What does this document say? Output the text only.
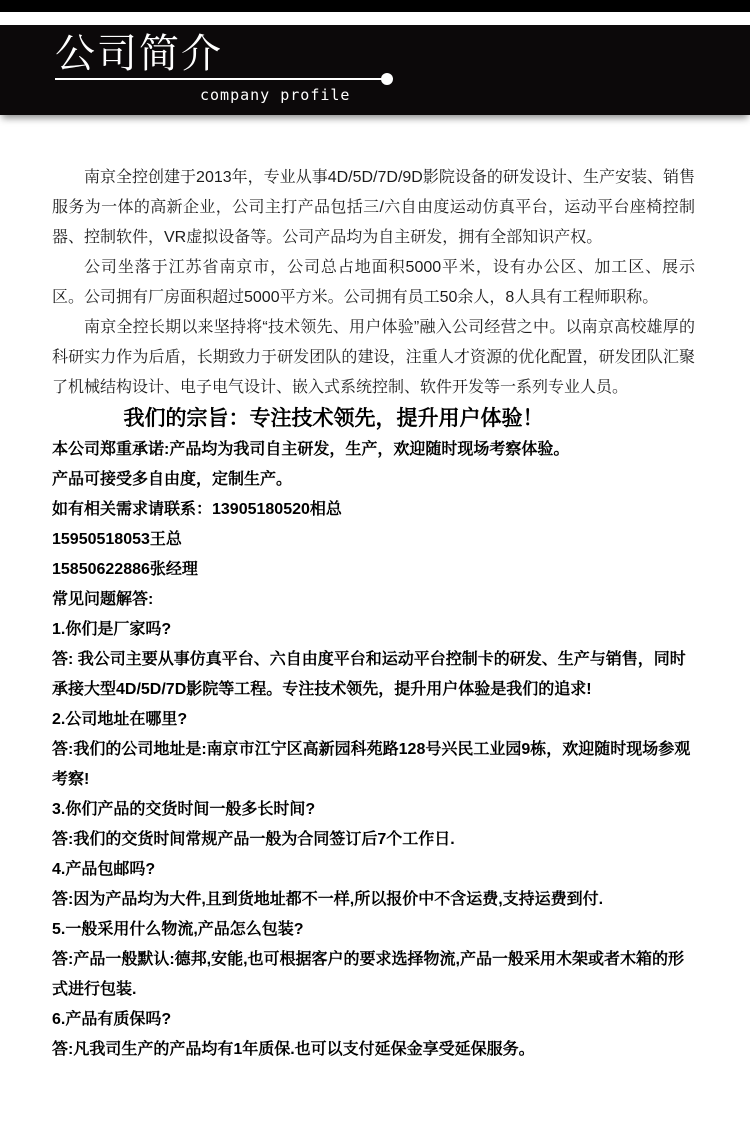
公司简介
company profile

南京全控创建于2013年，专业从事4D/5D/7D/9D影院设备的研发设计、生产安装、销售服务为一体的高新企业，公司主打产品包括三/六自由度运动仿真平台，运动平台座椅控制器、控制软件，VR虚拟设备等。公司产品均为自主研发，拥有全部知识产权。

公司坐落于江苏省南京市，公司总占地面积5000平米，设有办公区、加工区、展示区。公司拥有厂房面积超过5000平方米。公司拥有员工50余人，8人具有工程师职称。

南京全控长期以来坚持将“技术领先、用户体验”融入公司经营之中。以南京高校雄厚的科研实力作为后盾，长期致力于研发团队的建设，注重人才资源的优化配置，研发团队汇聚了机械结构设计、电子电气设计、嵌入式系统控制、软件开发等一系列专业人员。

我们的宗旨：专注技术领先，提升用户体验！

本公司郑重承诺:产品均为我司自主研发，生产，欢迎随时现场考察体验。

产品可接受多自由度，定制生产。

如有相关需求请联系：13905180520相总

15950518053王总

15850622886张经理

常见问题解答:

1.你们是厂家吗?

答: 我公司主要从事仿真平台、六自由度平台和运动平台控制卡的研发、生产与销售，同时承接大型4D/5D/7D影院等工程。专注技术领先，提升用户体验是我们的追求!

2.公司地址在哪里?

答:我们的公司地址是:南京市江宁区高新园科苑路128号兴民工业园9栋，欢迎随时现场参观考察!

3.你们产品的交货时间一般多长时间?

答:我们的交货时间常规产品一般为合同签订后7个工作日.

4.产品包邮吗?

答:因为产品均为大件,且到货地址都不一样,所以报价中不含运费,支持运费到付.

5.一般采用什么物流,产品怎么包装?

答:产品一般默认:德邦,安能,也可根据客户的要求选择物流,产品一般采用木架或者木箱的形式进行包装.

6.产品有质保吗?

答:凡我司生产的产品均有1年质保.也可以支付延保金享受延保服务。
